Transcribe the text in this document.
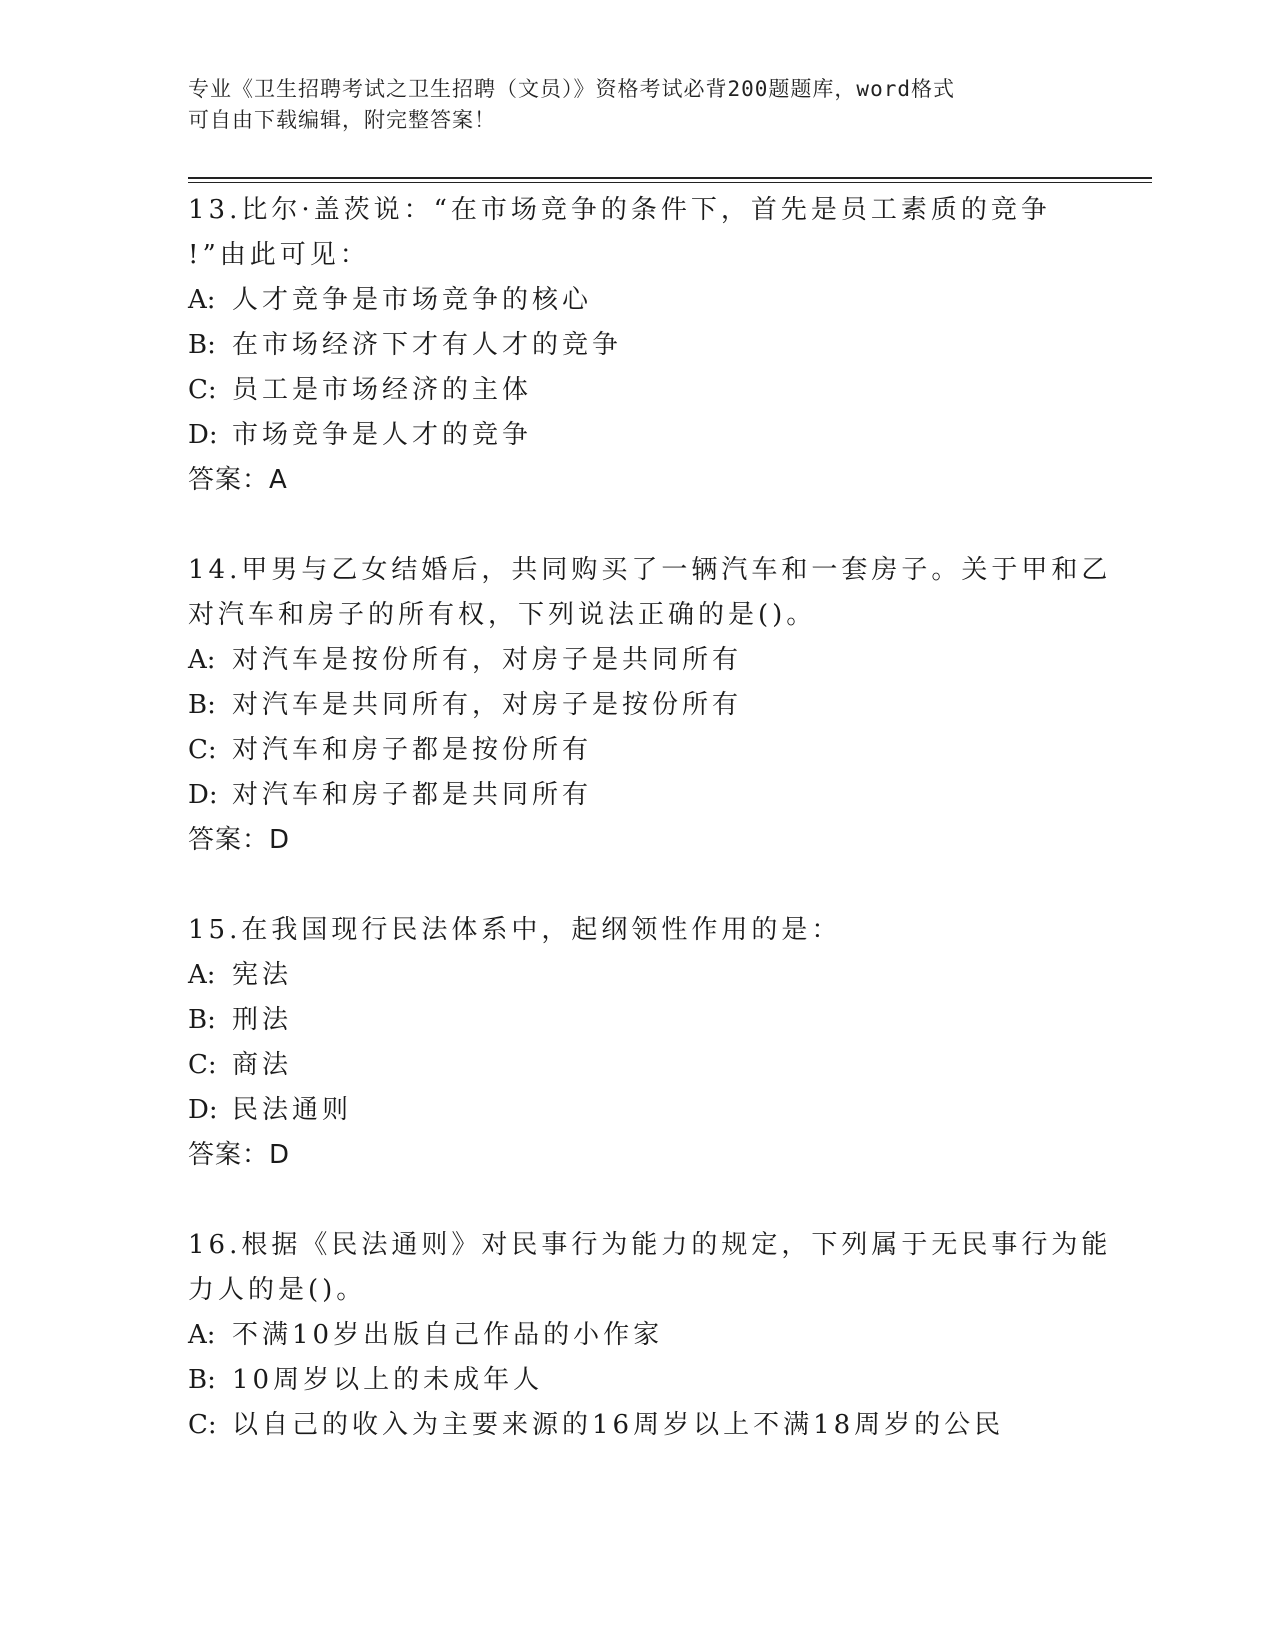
专业《卫生招聘考试之卫生招聘（文员）》资格考试必背200题题库，word格式
可自由下载编辑，附完整答案！

13.比尔·盖茨说：“在市场竞争的条件下，首先是员工素质的竞争

!”由此可见：

A: 人才竞争是市场竞争的核心

B: 在市场经济下才有人才的竞争

C: 员工是市场经济的主体

D: 市场竞争是人才的竞争

答案：A

14.甲男与乙女结婚后，共同购买了一辆汽车和一套房子。关于甲和乙

对汽车和房子的所有权，下列说法正确的是()。

A: 对汽车是按份所有，对房子是共同所有

B: 对汽车是共同所有，对房子是按份所有

C: 对汽车和房子都是按份所有

D: 对汽车和房子都是共同所有

答案：D

15.在我国现行民法体系中，起纲领性作用的是：

A: 宪法

B: 刑法

C: 商法

D: 民法通则

答案：D

16.根据《民法通则》对民事行为能力的规定，下列属于无民事行为能

力人的是()。

A: 不满10岁出版自己作品的小作家

B: 10周岁以上的未成年人

C: 以自己的收入为主要来源的16周岁以上不满18周岁的公民
